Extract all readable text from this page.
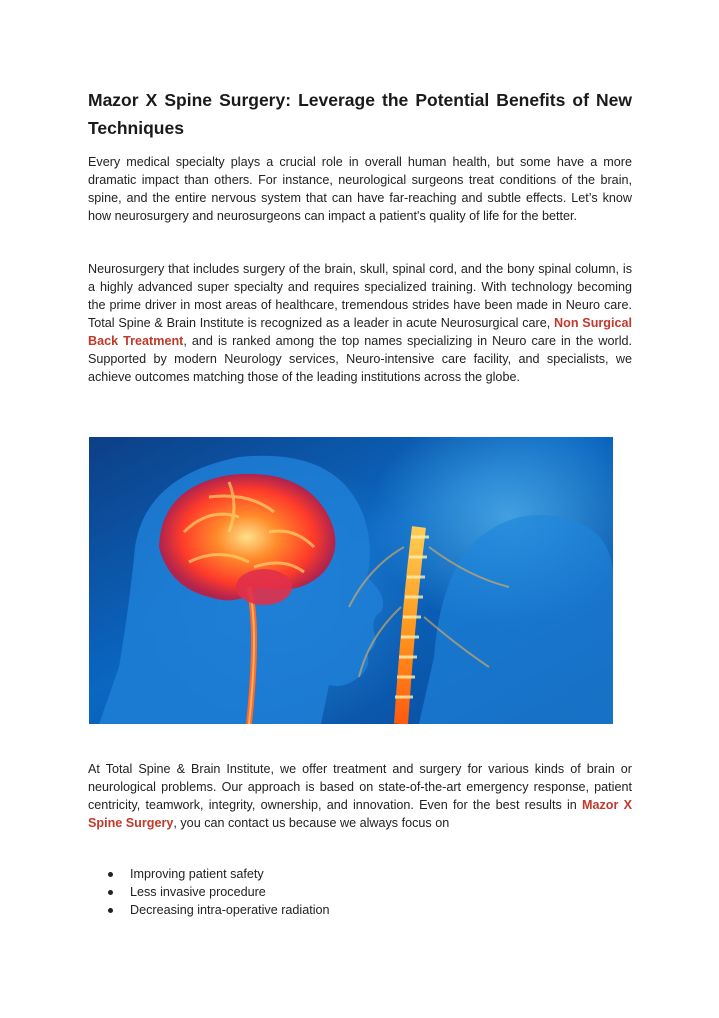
Mazor X Spine Surgery: Leverage the Potential Benefits of New Techniques

Every medical specialty plays a crucial role in overall human health, but some have a more dramatic impact than others. For instance, neurological surgeons treat conditions of the brain, spine, and the entire nervous system that can have far-reaching and subtle effects. Let’s know how neurosurgery and neurosurgeons can impact a patient's quality of life for the better.

Neurosurgery that includes surgery of the brain, skull, spinal cord, and the bony spinal column, is a highly advanced super specialty and requires specialized training. With technology becoming the prime driver in most areas of healthcare, tremendous strides have been made in Neuro care. Total Spine & Brain Institute is recognized as a leader in acute Neurosurgical care, Non Surgical Back Treatment, and is ranked among the top names specializing in Neuro care in the world. Supported by modern Neurology services, Neuro-intensive care facility, and specialists, we achieve outcomes matching those of the leading institutions across the globe.

At Total Spine & Brain Institute, we offer treatment and surgery for various kinds of brain or neurological problems. Our approach is based on state-of-the-art emergency response, patient centricity, teamwork, integrity, ownership, and innovation. Even for the best results in Mazor X Spine Surgery, you can contact us because we always focus on

Improving patient safety
Less invasive procedure
Decreasing intra-operative radiation
